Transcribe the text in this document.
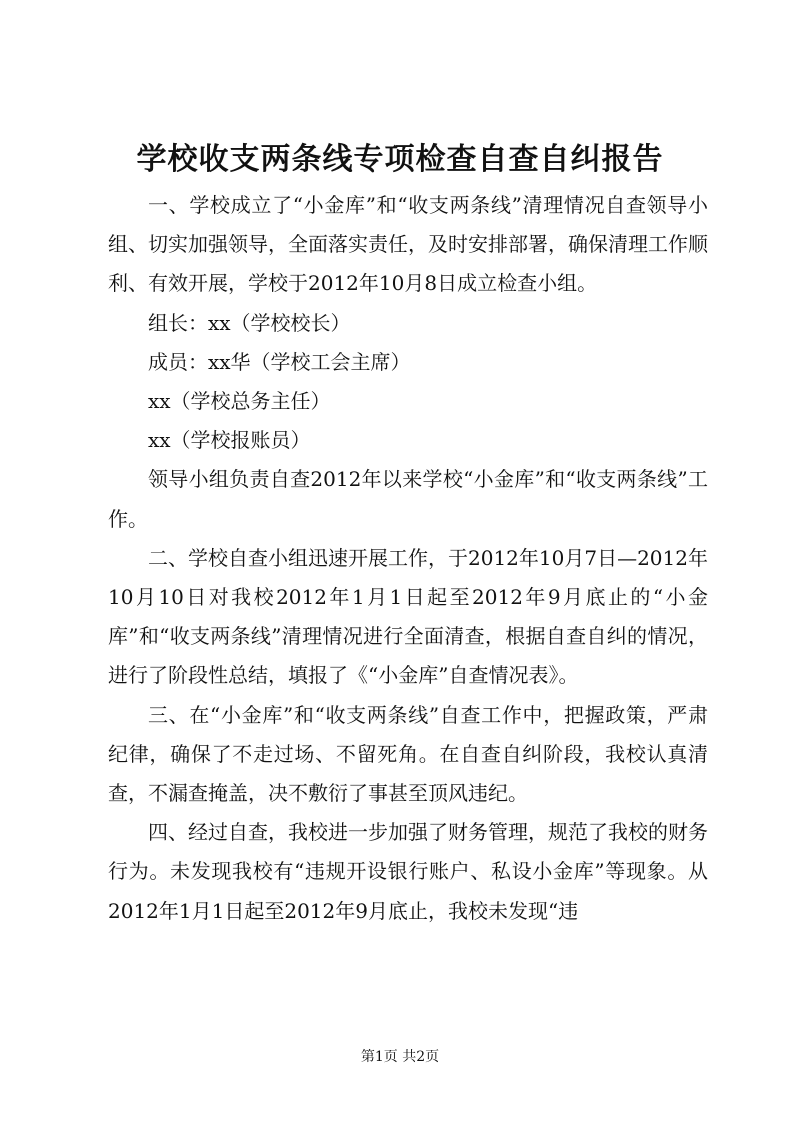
学校收支两条线专项检查自查自纠报告

一、学校成立了“小金库”和“收支两条线”清理情况自查领导小组、切实加强领导，全面落实责任，及时安排部署，确保清理工作顺利、有效开展，学校于2012年10月8日成立检查小组。

组长：xx（学校校长）

成员：xx华（学校工会主席）

xx（学校总务主任）

xx（学校报账员）

领导小组负责自查2012年以来学校“小金库”和“收支两条线”工作。

二、学校自查小组迅速开展工作，于2012年10月7日—2012年10月10日对我校2012年1月1日起至2012年9月底止的“小金库”和“收支两条线”清理情况进行全面清查，根据自查自纠的情况，进行了阶段性总结，填报了《“小金库”自查情况表》。

三、在“小金库”和“收支两条线”自查工作中，把握政策，严肃纪律，确保了不走过场、不留死角。在自查自纠阶段，我校认真清查，不漏查掩盖，决不敷衍了事甚至顶风违纪。

四、经过自查，我校进一步加强了财务管理，规范了我校的财务行为。未发现我校有“违规开设银行账户、私设小金库”等现象。从2012年1月1日起至2012年9月底止，我校未发现“违

第1页 共2页
